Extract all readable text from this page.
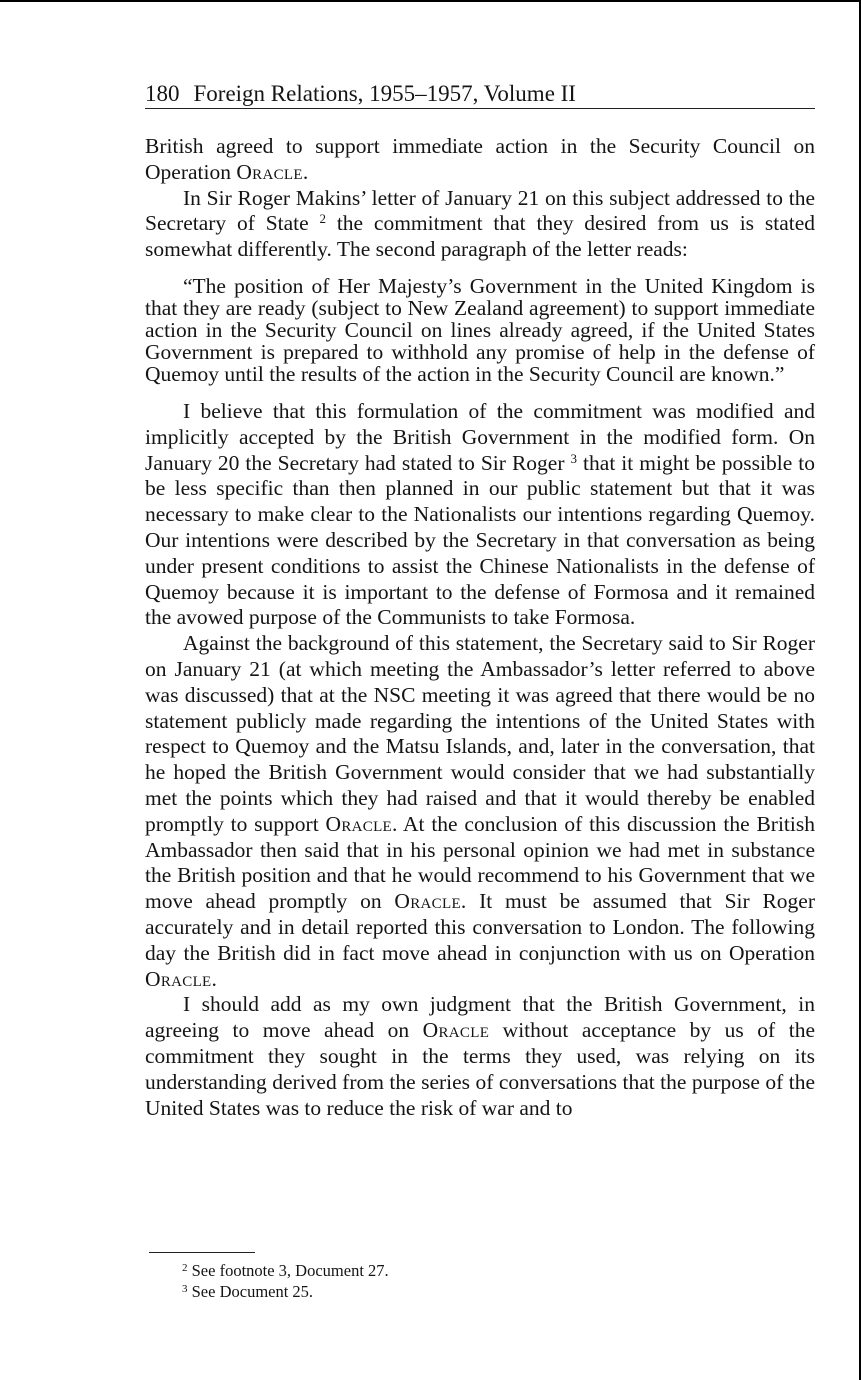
180 Foreign Relations, 1955–1957, Volume II

British agreed to support immediate action in the Security Council on Operation Oracle.

In Sir Roger Makins’ letter of January 21 on this subject addressed to the Secretary of State $^2$ the commitment that they desired from us is stated somewhat differently. The second paragraph of the letter reads:

“The position of Her Majesty’s Government in the United Kingdom is that they are ready (subject to New Zealand agreement) to support immediate action in the Security Council on lines already agreed, if the United States Government is prepared to withhold any promise of help in the defense of Quemoy until the results of the action in the Security Council are known.”

I believe that this formulation of the commitment was modified and implicitly accepted by the British Government in the modified form. On January 20 the Secretary had stated to Sir Roger $^3$ that it might be possible to be less specific than then planned in our public statement but that it was necessary to make clear to the Nationalists our intentions regarding Quemoy. Our intentions were described by the Secretary in that conversation as being under present conditions to assist the Chinese Nationalists in the defense of Quemoy because it is important to the defense of Formosa and it remained the avowed purpose of the Communists to take Formosa.

Against the background of this statement, the Secretary said to Sir Roger on January 21 (at which meeting the Ambassador’s letter referred to above was discussed) that at the NSC meeting it was agreed that there would be no statement publicly made regarding the intentions of the United States with respect to Quemoy and the Matsu Islands, and, later in the conversation, that he hoped the British Government would consider that we had substantially met the points which they had raised and that it would thereby be enabled promptly to support Oracle. At the conclusion of this discussion the British Ambassador then said that in his personal opinion we had met in substance the British position and that he would recommend to his Government that we move ahead promptly on Oracle. It must be assumed that Sir Roger accurately and in detail reported this conversation to London. The following day the British did in fact move ahead in conjunction with us on Operation Oracle.

I should add as my own judgment that the British Government, in agreeing to move ahead on Oracle without acceptance by us of the commitment they sought in the terms they used, was relying on its understanding derived from the series of conversations that the purpose of the United States was to reduce the risk of war and to

$^2$ See footnote 3, Document 27.
$^3$ See Document 25.
